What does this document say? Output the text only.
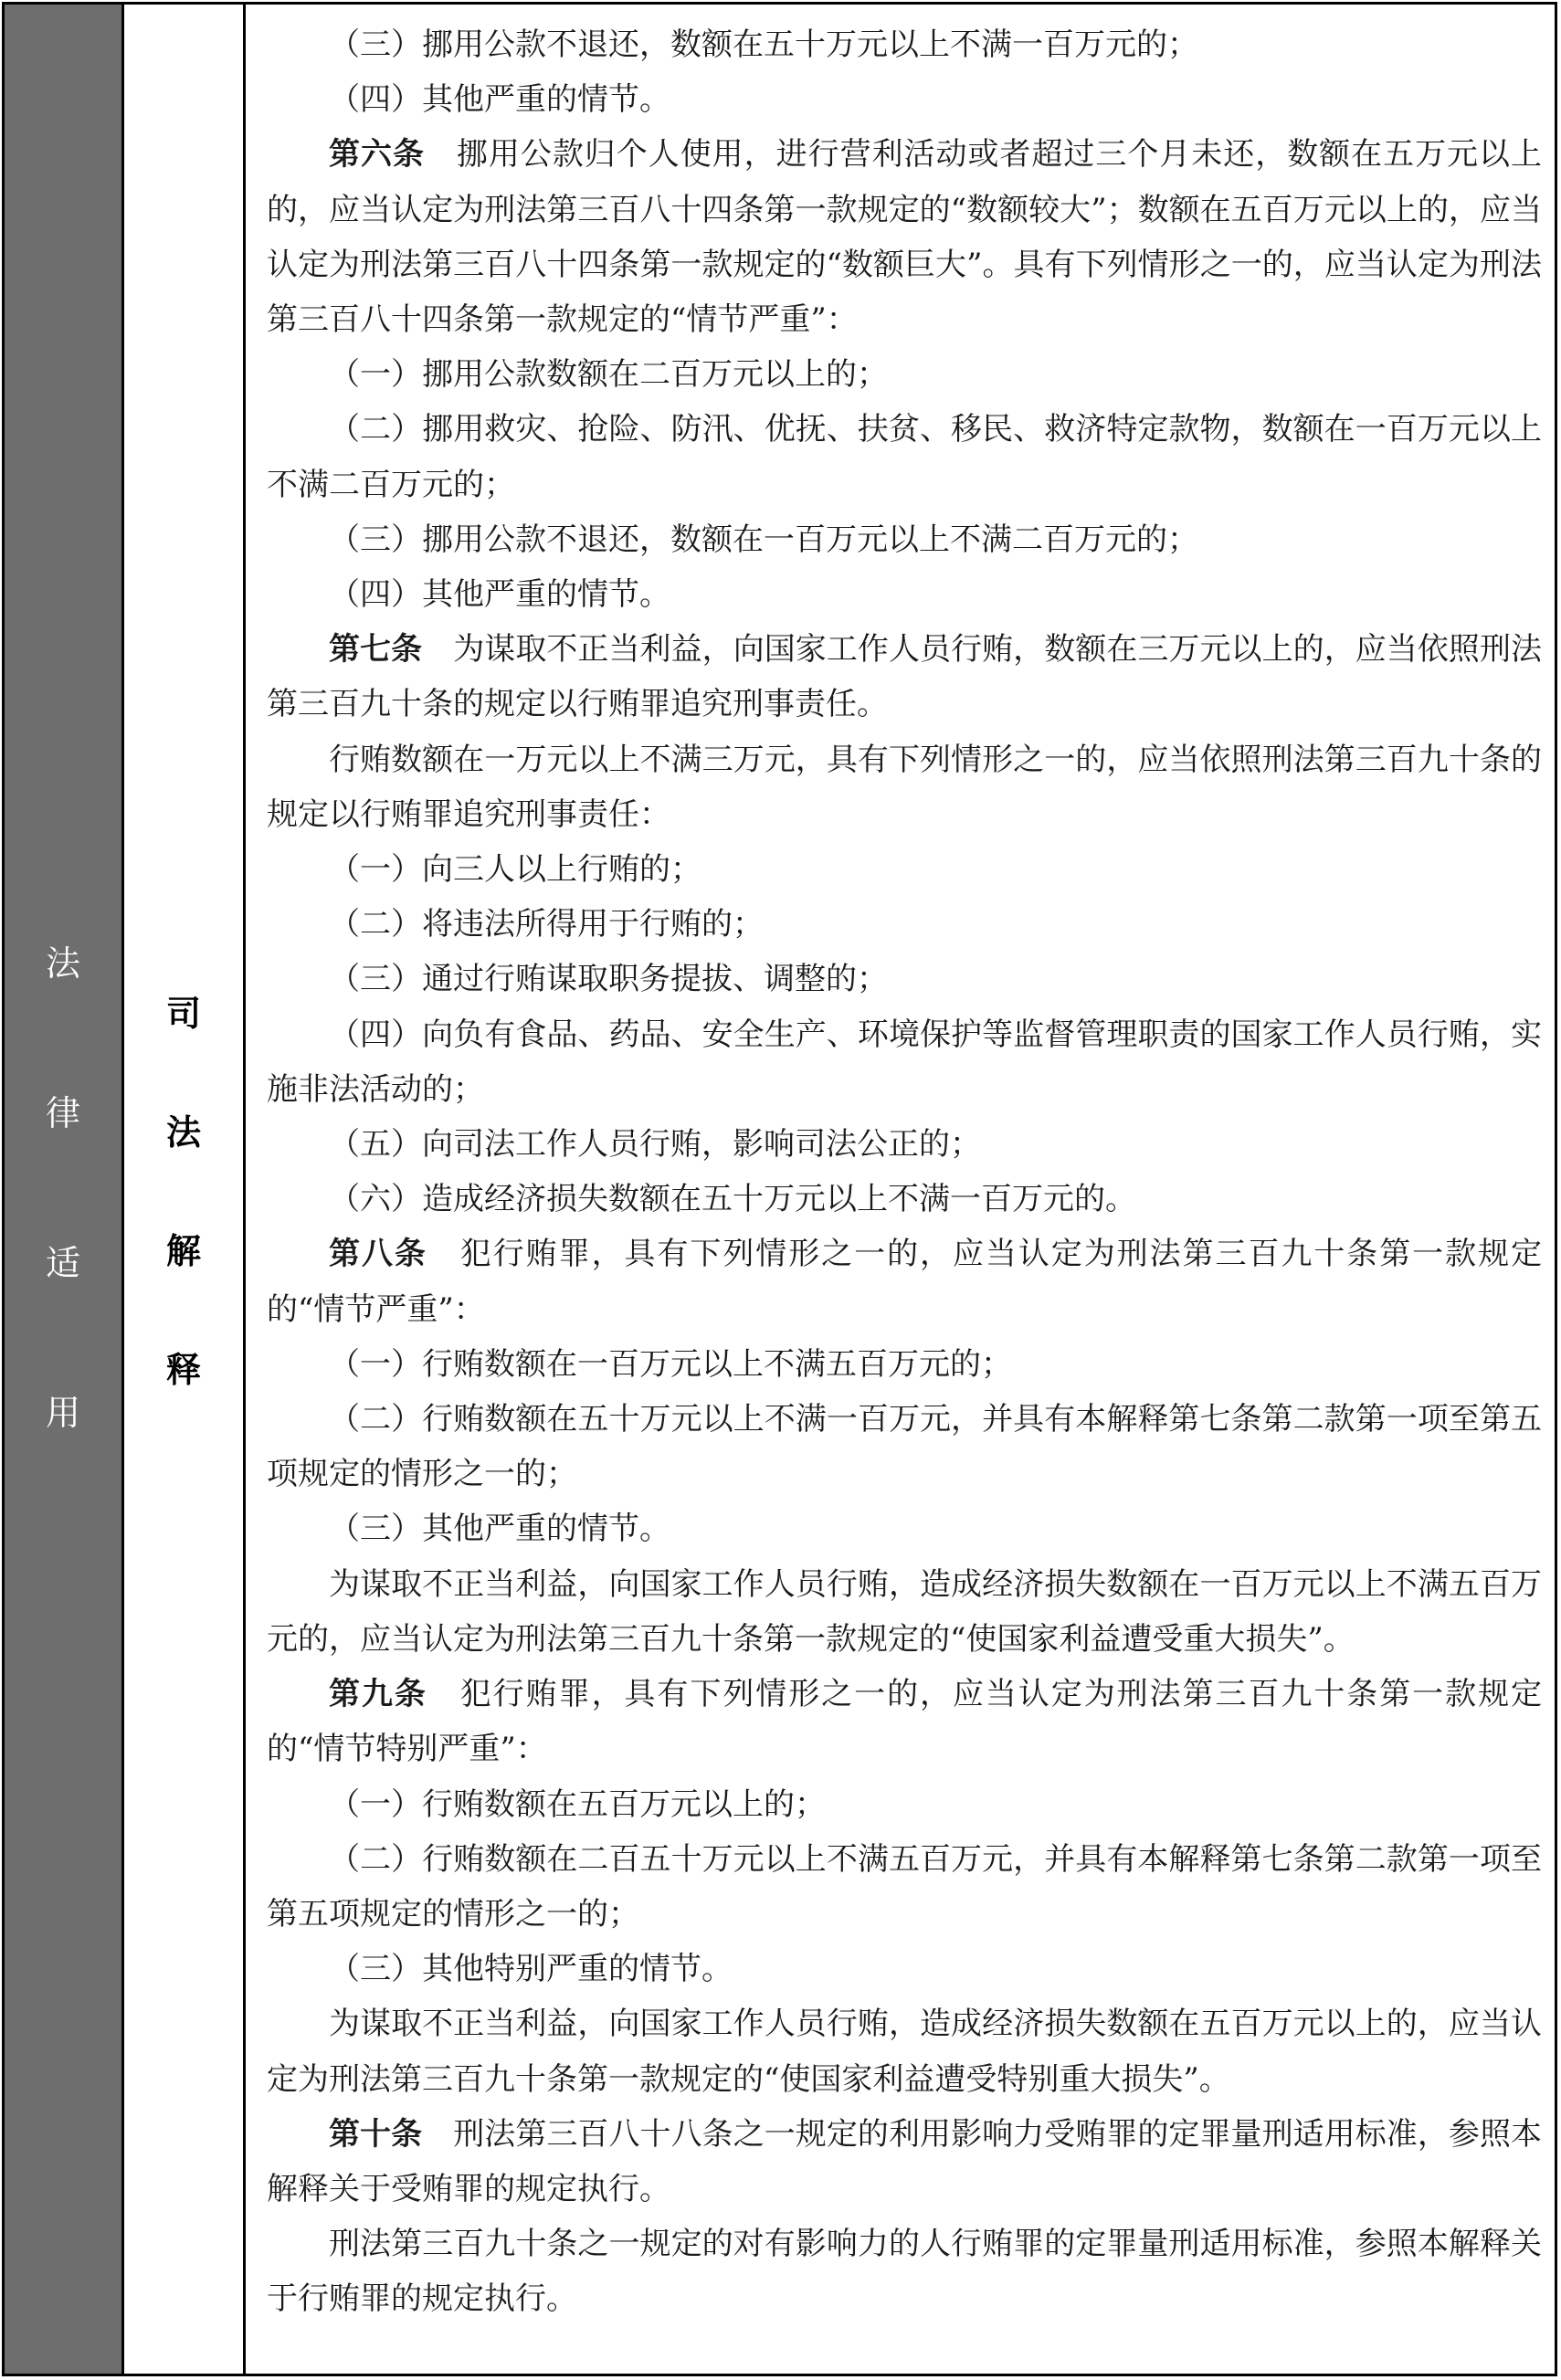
法
律
适
用
司
法
解
释

（三）挪用公款不退还，数额在五十万元以上不满一百万元的；

（四）其他严重的情节。

第六条　挪用公款归个人使用，进行营利活动或者超过三个月未还，数额在五万元以上的，应当认定为刑法第三百八十四条第一款规定的“数额较大”；数额在五百万元以上的，应当认定为刑法第三百八十四条第一款规定的“数额巨大”。具有下列情形之一的，应当认定为刑法第三百八十四条第一款规定的“情节严重”：

（一）挪用公款数额在二百万元以上的；

（二）挪用救灾、抢险、防汛、优抚、扶贫、移民、救济特定款物，数额在一百万元以上不满二百万元的；

（三）挪用公款不退还，数额在一百万元以上不满二百万元的；

（四）其他严重的情节。

第七条　为谋取不正当利益，向国家工作人员行贿，数额在三万元以上的，应当依照刑法第三百九十条的规定以行贿罪追究刑事责任。

行贿数额在一万元以上不满三万元，具有下列情形之一的，应当依照刑法第三百九十条的规定以行贿罪追究刑事责任：

（一）向三人以上行贿的；

（二）将违法所得用于行贿的；

（三）通过行贿谋取职务提拔、调整的；

（四）向负有食品、药品、安全生产、环境保护等监督管理职责的国家工作人员行贿，实施非法活动的；

（五）向司法工作人员行贿，影响司法公正的；

（六）造成经济损失数额在五十万元以上不满一百万元的。

第八条　犯行贿罪，具有下列情形之一的，应当认定为刑法第三百九十条第一款规定的“情节严重”：

（一）行贿数额在一百万元以上不满五百万元的；

（二）行贿数额在五十万元以上不满一百万元，并具有本解释第七条第二款第一项至第五项规定的情形之一的；

（三）其他严重的情节。

为谋取不正当利益，向国家工作人员行贿，造成经济损失数额在一百万元以上不满五百万元的，应当认定为刑法第三百九十条第一款规定的“使国家利益遭受重大损失”。

第九条　犯行贿罪，具有下列情形之一的，应当认定为刑法第三百九十条第一款规定的“情节特别严重”：

（一）行贿数额在五百万元以上的；

（二）行贿数额在二百五十万元以上不满五百万元，并具有本解释第七条第二款第一项至第五项规定的情形之一的；

（三）其他特别严重的情节。

为谋取不正当利益，向国家工作人员行贿，造成经济损失数额在五百万元以上的，应当认定为刑法第三百九十条第一款规定的“使国家利益遭受特别重大损失”。

第十条　刑法第三百八十八条之一规定的利用影响力受贿罪的定罪量刑适用标准，参照本解释关于受贿罪的规定执行。

刑法第三百九十条之一规定的对有影响力的人行贿罪的定罪量刑适用标准，参照本解释关于行贿罪的规定执行。
